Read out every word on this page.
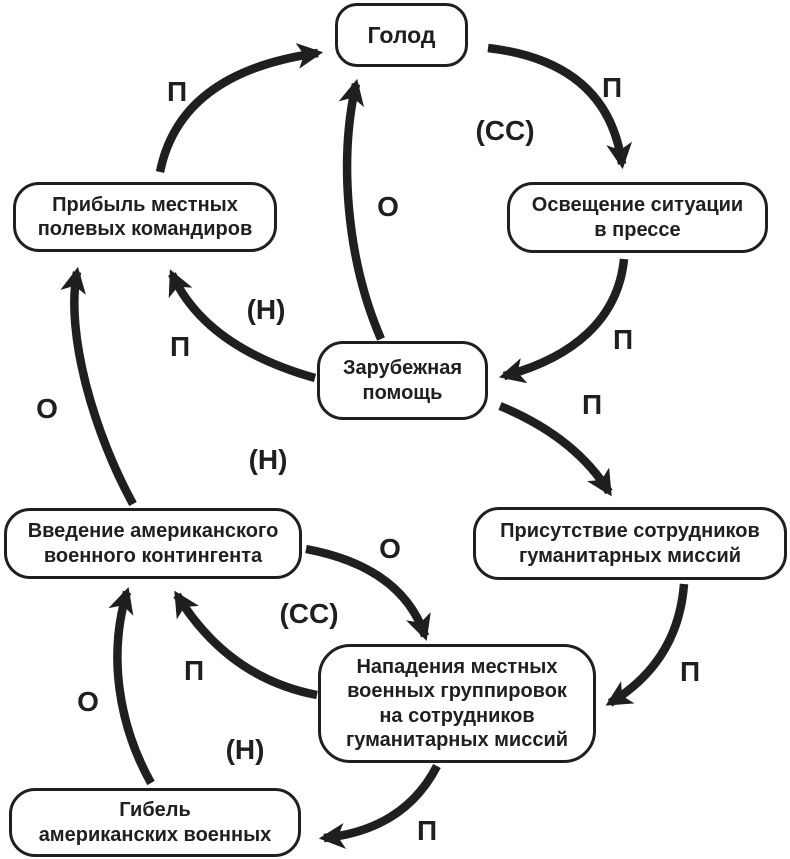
Голод
Прибыль местных
полевых командиров
Освещение ситуации
в прессе
Зарубежная
помощь
Введение американского
военного контингента
Присутствие сотрудников
гуманитарных миссий
Нападения местных
военных группировок
на сотрудников
гуманитарных миссий
Гибель
американских военных
П	П
(СС)
О
П
П
(Н)
П
О
(Н)
О
(СС)
П
(Н)
О
П
П
